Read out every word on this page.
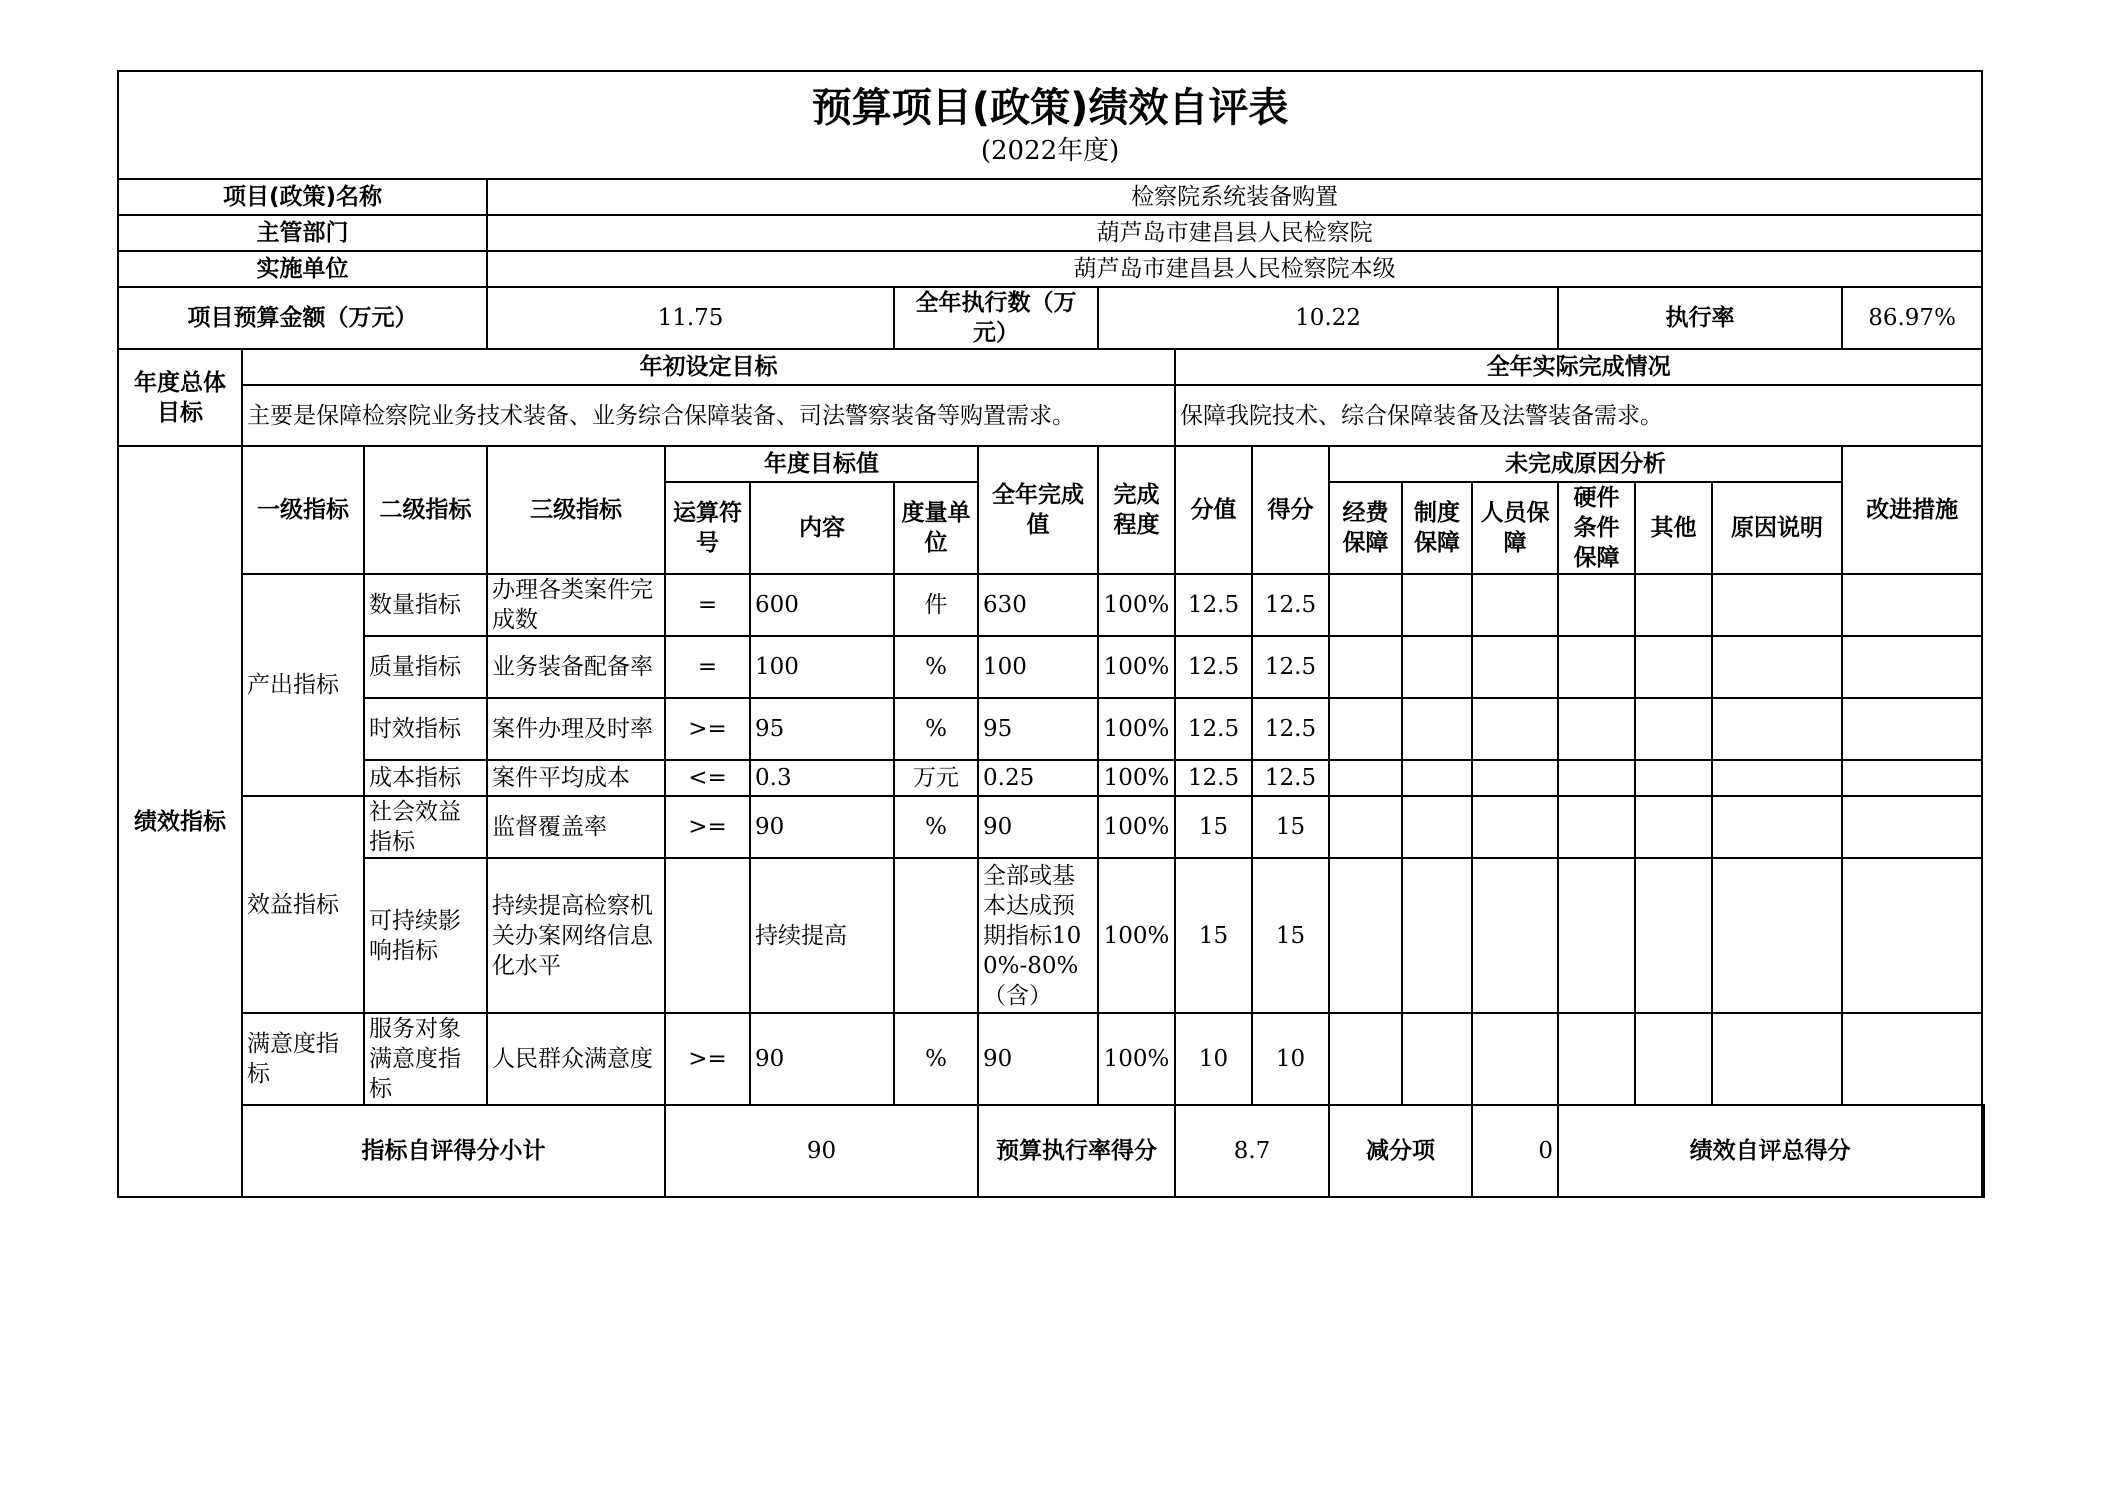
预算项目(政策)绩效自评表
(2022年度)																		

项目(政策)名称			检察院系统装备购置															
主管部门			葫芦岛市建昌县人民检察院															
实施单位			葫芦岛市建昌县人民检察院本级															
项目预算金额（万元）			11.75			全年执行数（万元）		10.22						执行率			86.97%	
年度总体目标	年初设定目标								全年实际完成情况									
	主要是保障检察院业务技术装备、业务综合保障装备、司法警察装备等购置需求。								保障我院技术、综合保障装备及法警装备需求。									
绩效指标	一级指标	二级指标	三级指标	年度目标值			全年完成值	完成程度	分值	得分	未完成原因分析						改进措施	
				运算符号	内容	度量单位					经费保障	制度保障	人员保障	硬件条件保障	其他	原因说明		
	产出指标	数量指标	办理各类案件完成数	=	600	件	630	100%	12.5	12.5								
		质量指标	业务装备配备率	=	100	%	100	100%	12.5	12.5								
		时效指标	案件办理及时率	>=	95	%	95	100%	12.5	12.5								
		成本指标	案件平均成本	<=	0.3	万元	0.25	100%	12.5	12.5								
	效益指标	社会效益指标	监督覆盖率	>=	90	%	90	100%	15	15								
		可持续影响指标	持续提高检察机关办案网络信息化水平		持续提高		全部或基本达成预期指标100%-80%（含）	100%	15	15								
	满意度指标	服务对象满意度指标	人民群众满意度	>=	90	%	90	100%	10	10								
	指标自评得分小计			90			预算执行率得分		8.7		减分项		0	绩效自评总得分	
